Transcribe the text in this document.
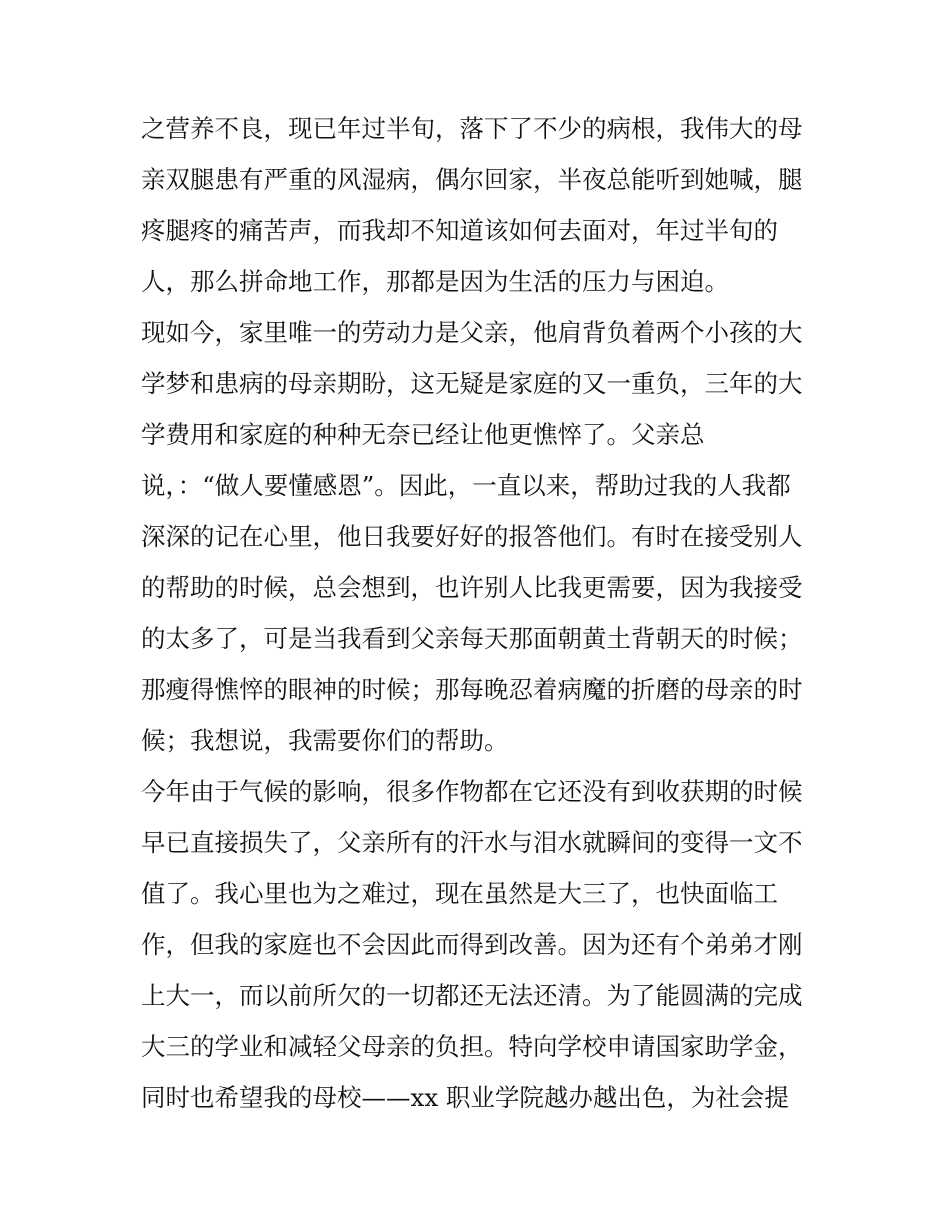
之营养不良，现已年过半旬，落下了不少的病根，我伟大的母
亲双腿患有严重的风湿病，偶尔回家，半夜总能听到她喊，腿
疼腿疼的痛苦声，而我却不知道该如何去面对，年过半旬的
人，那么拼命地工作，那都是因为生活的压力与困迫。
现如今，家里唯一的劳动力是父亲，他肩背负着两个小孩的大
学梦和患病的母亲期盼，这无疑是家庭的又一重负，三年的大
学费用和家庭的种种无奈已经让他更憔悴了。父亲总
说，：“做人要懂感恩”。因此，一直以来，帮助过我的人我都
深深的记在心里，他日我要好好的报答他们。有时在接受别人
的帮助的时候，总会想到，也许别人比我更需要，因为我接受
的太多了，可是当我看到父亲每天那面朝黄土背朝天的时候；
那瘦得憔悴的眼神的时候；那每晚忍着病魔的折磨的母亲的时
候；我想说，我需要你们的帮助。
今年由于气候的影响，很多作物都在它还没有到收获期的时候
早已直接损失了，父亲所有的汗水与泪水就瞬间的变得一文不
值了。我心里也为之难过，现在虽然是大三了，也快面临工
作，但我的家庭也不会因此而得到改善。因为还有个弟弟才刚
上大一，而以前所欠的一切都还无法还清。为了能圆满的完成
大三的学业和减轻父母亲的负担。特向学校申请国家助学金，
同时也希望我的母校——xx 职业学院越办越出色，为社会提
